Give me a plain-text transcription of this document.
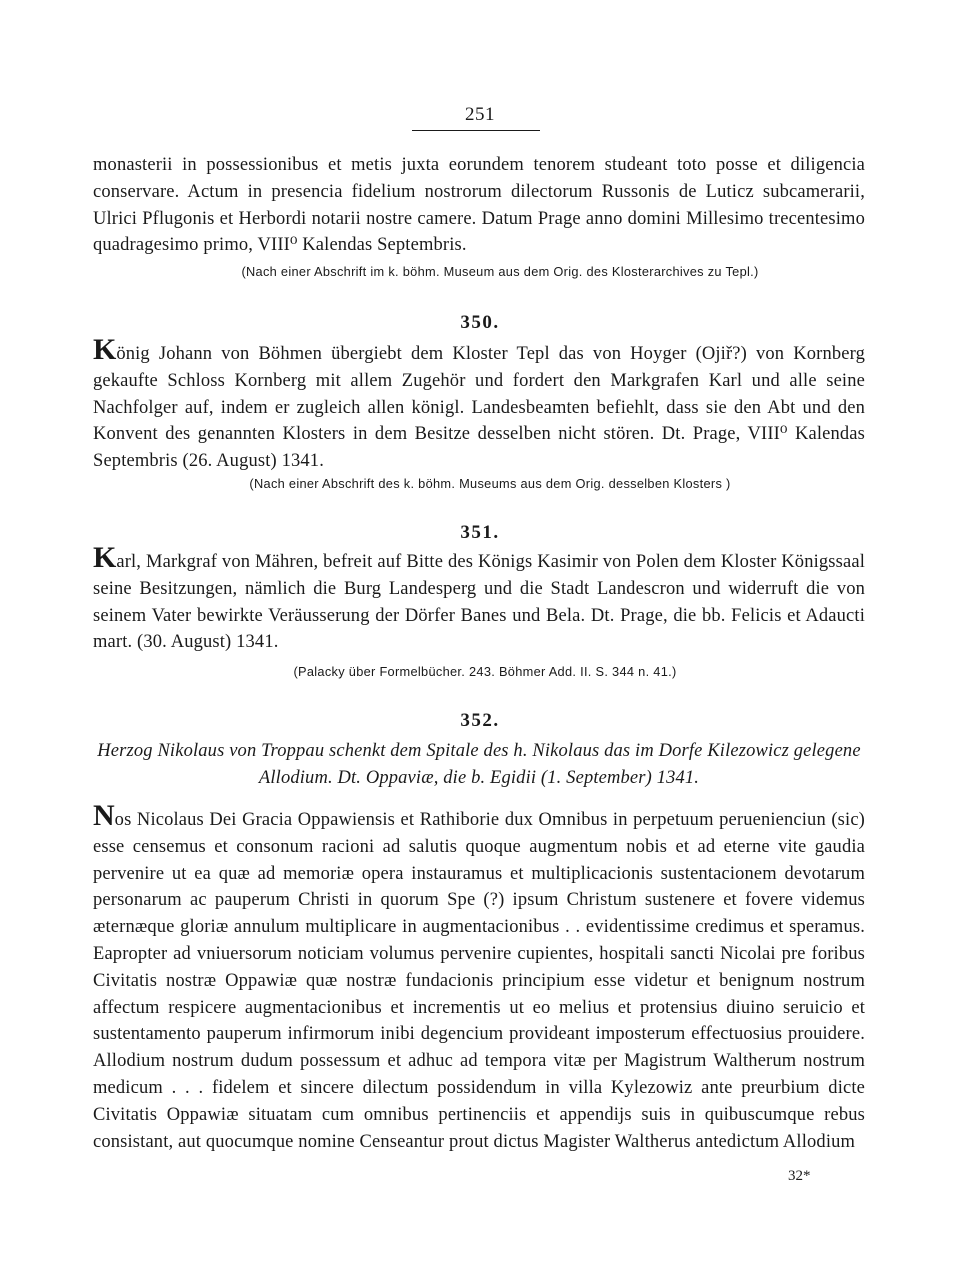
251
monasterii in possessionibus et metis juxta eorundem tenorem studeant toto posse et diligencia conservare. Actum in presencia fidelium nostrorum dilectorum Russonis de Luticz subcamerarii, Ulrici Pflugonis et Herbordi notarii nostre camere. Datum Prage anno domini Millesimo trecentesimo quadragesimo primo, VIII⁰ Kalendas Septembris.
(Nach einer Abschrift im k. böhm. Museum aus dem Orig. des Klosterarchives zu Tepl.)
350.
König Johann von Böhmen übergiebt dem Kloster Tepl das von Hoyger (Ojiř?) von Kornberg gekaufte Schloss Kornberg mit allem Zugehör und fordert den Markgrafen Karl und alle seine Nachfolger auf, indem er zugleich allen königl. Landesbeamten befiehlt, dass sie den Abt und den Konvent des genannten Klosters in dem Besitze desselben nicht stören. Dt. Prage, VIII⁰ Kalendas Septembris (26. August) 1341.
(Nach einer Abschrift des k. böhm. Museums aus dem Orig. desselben Klosters )
351.
Karl, Markgraf von Mähren, befreit auf Bitte des Königs Kasimir von Polen dem Kloster Königssaal seine Besitzungen, nämlich die Burg Landesperg und die Stadt Landescron und widerruft die von seinem Vater bewirkte Veräusserung der Dörfer Banes und Bela. Dt. Prage, die bb. Felicis et Adaucti mart. (30. August) 1341.
(Palacky über Formelbücher. 243. Böhmer Add. II. S. 344 n. 41.)
352.
Herzog Nikolaus von Troppau schenkt dem Spitale des h. Nikolaus das im Dorfe Kilezowicz gelegene Allodium. Dt. Oppaviæ, die b. Egidii (1. September) 1341.
Nos Nicolaus Dei Gracia Oppawiensis et Rathiborie dux Omnibus in perpetuum peruenienciun (sic) esse censemus et consonum racioni ad salutis quoque augmentum nobis et ad eterne vite gaudia pervenire ut ea quæ ad memoriæ opera instauramus et multiplicacionis sustentacionem devotarum personarum ac pauperum Christi in quorum Spe (?) ipsum Christum sustenere et fovere videmus æternæque gloriæ annulum multiplicare in augmentacionibus . . evidentissime credimus et speramus. Eapropter ad vniuersorum noticiam volumus pervenire cupientes, hospitali sancti Nicolai pre foribus Civitatis nostræ Oppawiæ quæ nostræ fundacionis principium esse videtur et benignum nostrum affectum respicere augmentacionibus et incrementis ut eo melius et protensius diuino seruicio et sustentamento pauperum infirmorum inibi degencium provideant imposterum effectuosius prouidere. Allodium nostrum dudum possessum et adhuc ad tempora vitæ per Magistrum Waltherum nostrum medicum . . . fidelem et sincere dilectum possidendum in villa Kylezowiz ante preurbium dicte Civitatis Oppawiæ situatam cum omnibus pertinenciis et appendijs suis in quibuscumque rebus consistant, aut quocumque nomine Censeantur prout dictus Magister Waltherus antedictum Allodium
32*
